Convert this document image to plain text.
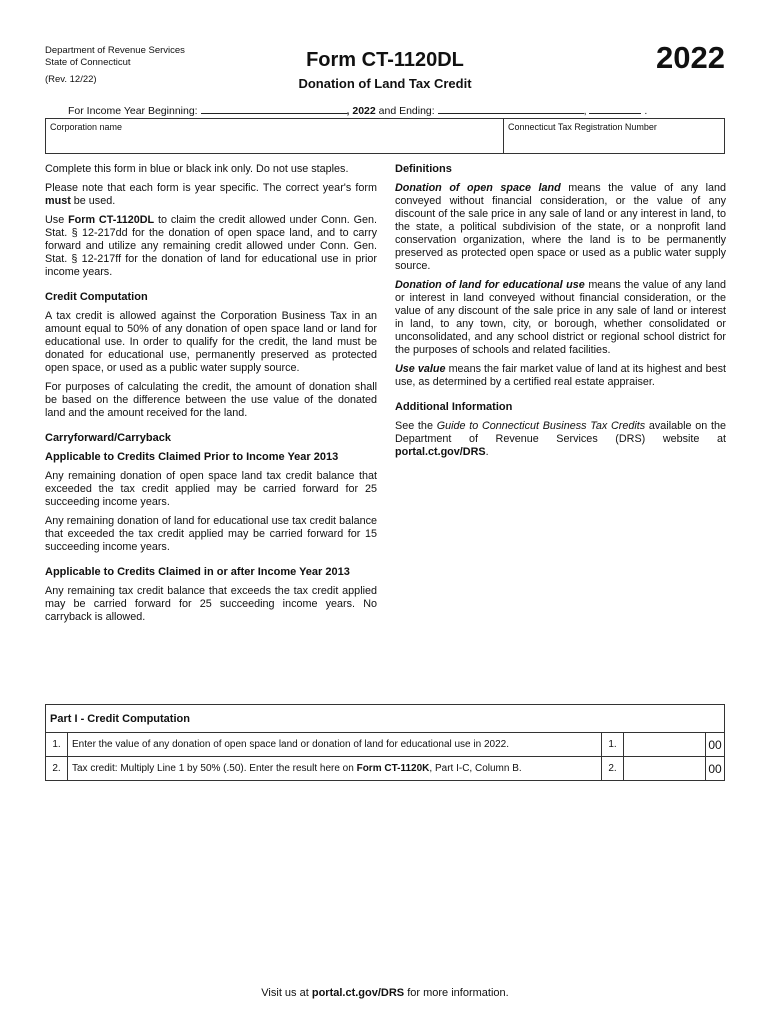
Department of Revenue Services
State of Connecticut
(Rev. 12/22)
Form CT-1120DL
Donation of Land Tax Credit
2022
For Income Year Beginning:	, 2022 and Ending:	,	.
Corporation name	Connecticut Tax Registration Number

Complete this form in blue or black ink only. Do not use staples.

Please note that each form is year specific. The correct year's form must be used.

Use Form CT-1120DL to claim the credit allowed under Conn. Gen. Stat. § 12-217dd for the donation of open space land, and to carry forward and utilize any remaining credit allowed under Conn. Gen. Stat. § 12-217ff for the donation of land for educational use in prior income years.

Credit Computation

A tax credit is allowed against the Corporation Business Tax in an amount equal to 50% of any donation of open space land or land for educational use. In order to qualify for the credit, the land must be donated for educational use, permanently preserved as protected open space, or used as a public water supply source.

For purposes of calculating the credit, the amount of donation shall be based on the difference between the use value of the donated land and the amount received for the land.

Carryforward/Carryback
Applicable to Credits Claimed Prior to Income Year 2013

Any remaining donation of open space land tax credit balance that exceeded the tax credit applied may be carried forward for 25 succeeding income years.

Any remaining donation of land for educational use tax credit balance that exceeded the tax credit applied may be carried forward for 15 succeeding income years.

Applicable to Credits Claimed in or after Income Year 2013

Any remaining tax credit balance that exceeds the tax credit applied may be carried forward for 25 succeeding income years. No carryback is allowed.

Definitions

Donation of open space land means the value of any land conveyed without financial consideration, or the value of any discount of the sale price in any sale of land or any interest in land, to the state, a political subdivision of the state, or a nonprofit land conservation organization, where the land is to be permanently preserved as protected open space or used as a public water supply source.

Donation of land for educational use means the value of any land or interest in land conveyed without financial consideration, or the value of any discount of the sale price in any sale of land or interest in land, to any town, city, or borough, whether consolidated or unconsolidated, and any school district or regional school district for the purposes of schools and related facilities.

Use value means the fair market value of land at its highest and best use, as determined by a certified real estate appraiser.

Additional Information

See the Guide to Connecticut Business Tax Credits available on the Department of Revenue Services (DRS) website at portal.ct.gov/DRS.

Part I - Credit Computation			
1.	Enter the value of any donation of open space land or donation of land for educational use in 2022.	1.	00

2.	Tax credit: Multiply Line 1 by 50% (.50). Enter the result here on Form CT-1120K, Part I-C, Column B.	2.	00
Visit us at portal.ct.gov/DRS for more information.
